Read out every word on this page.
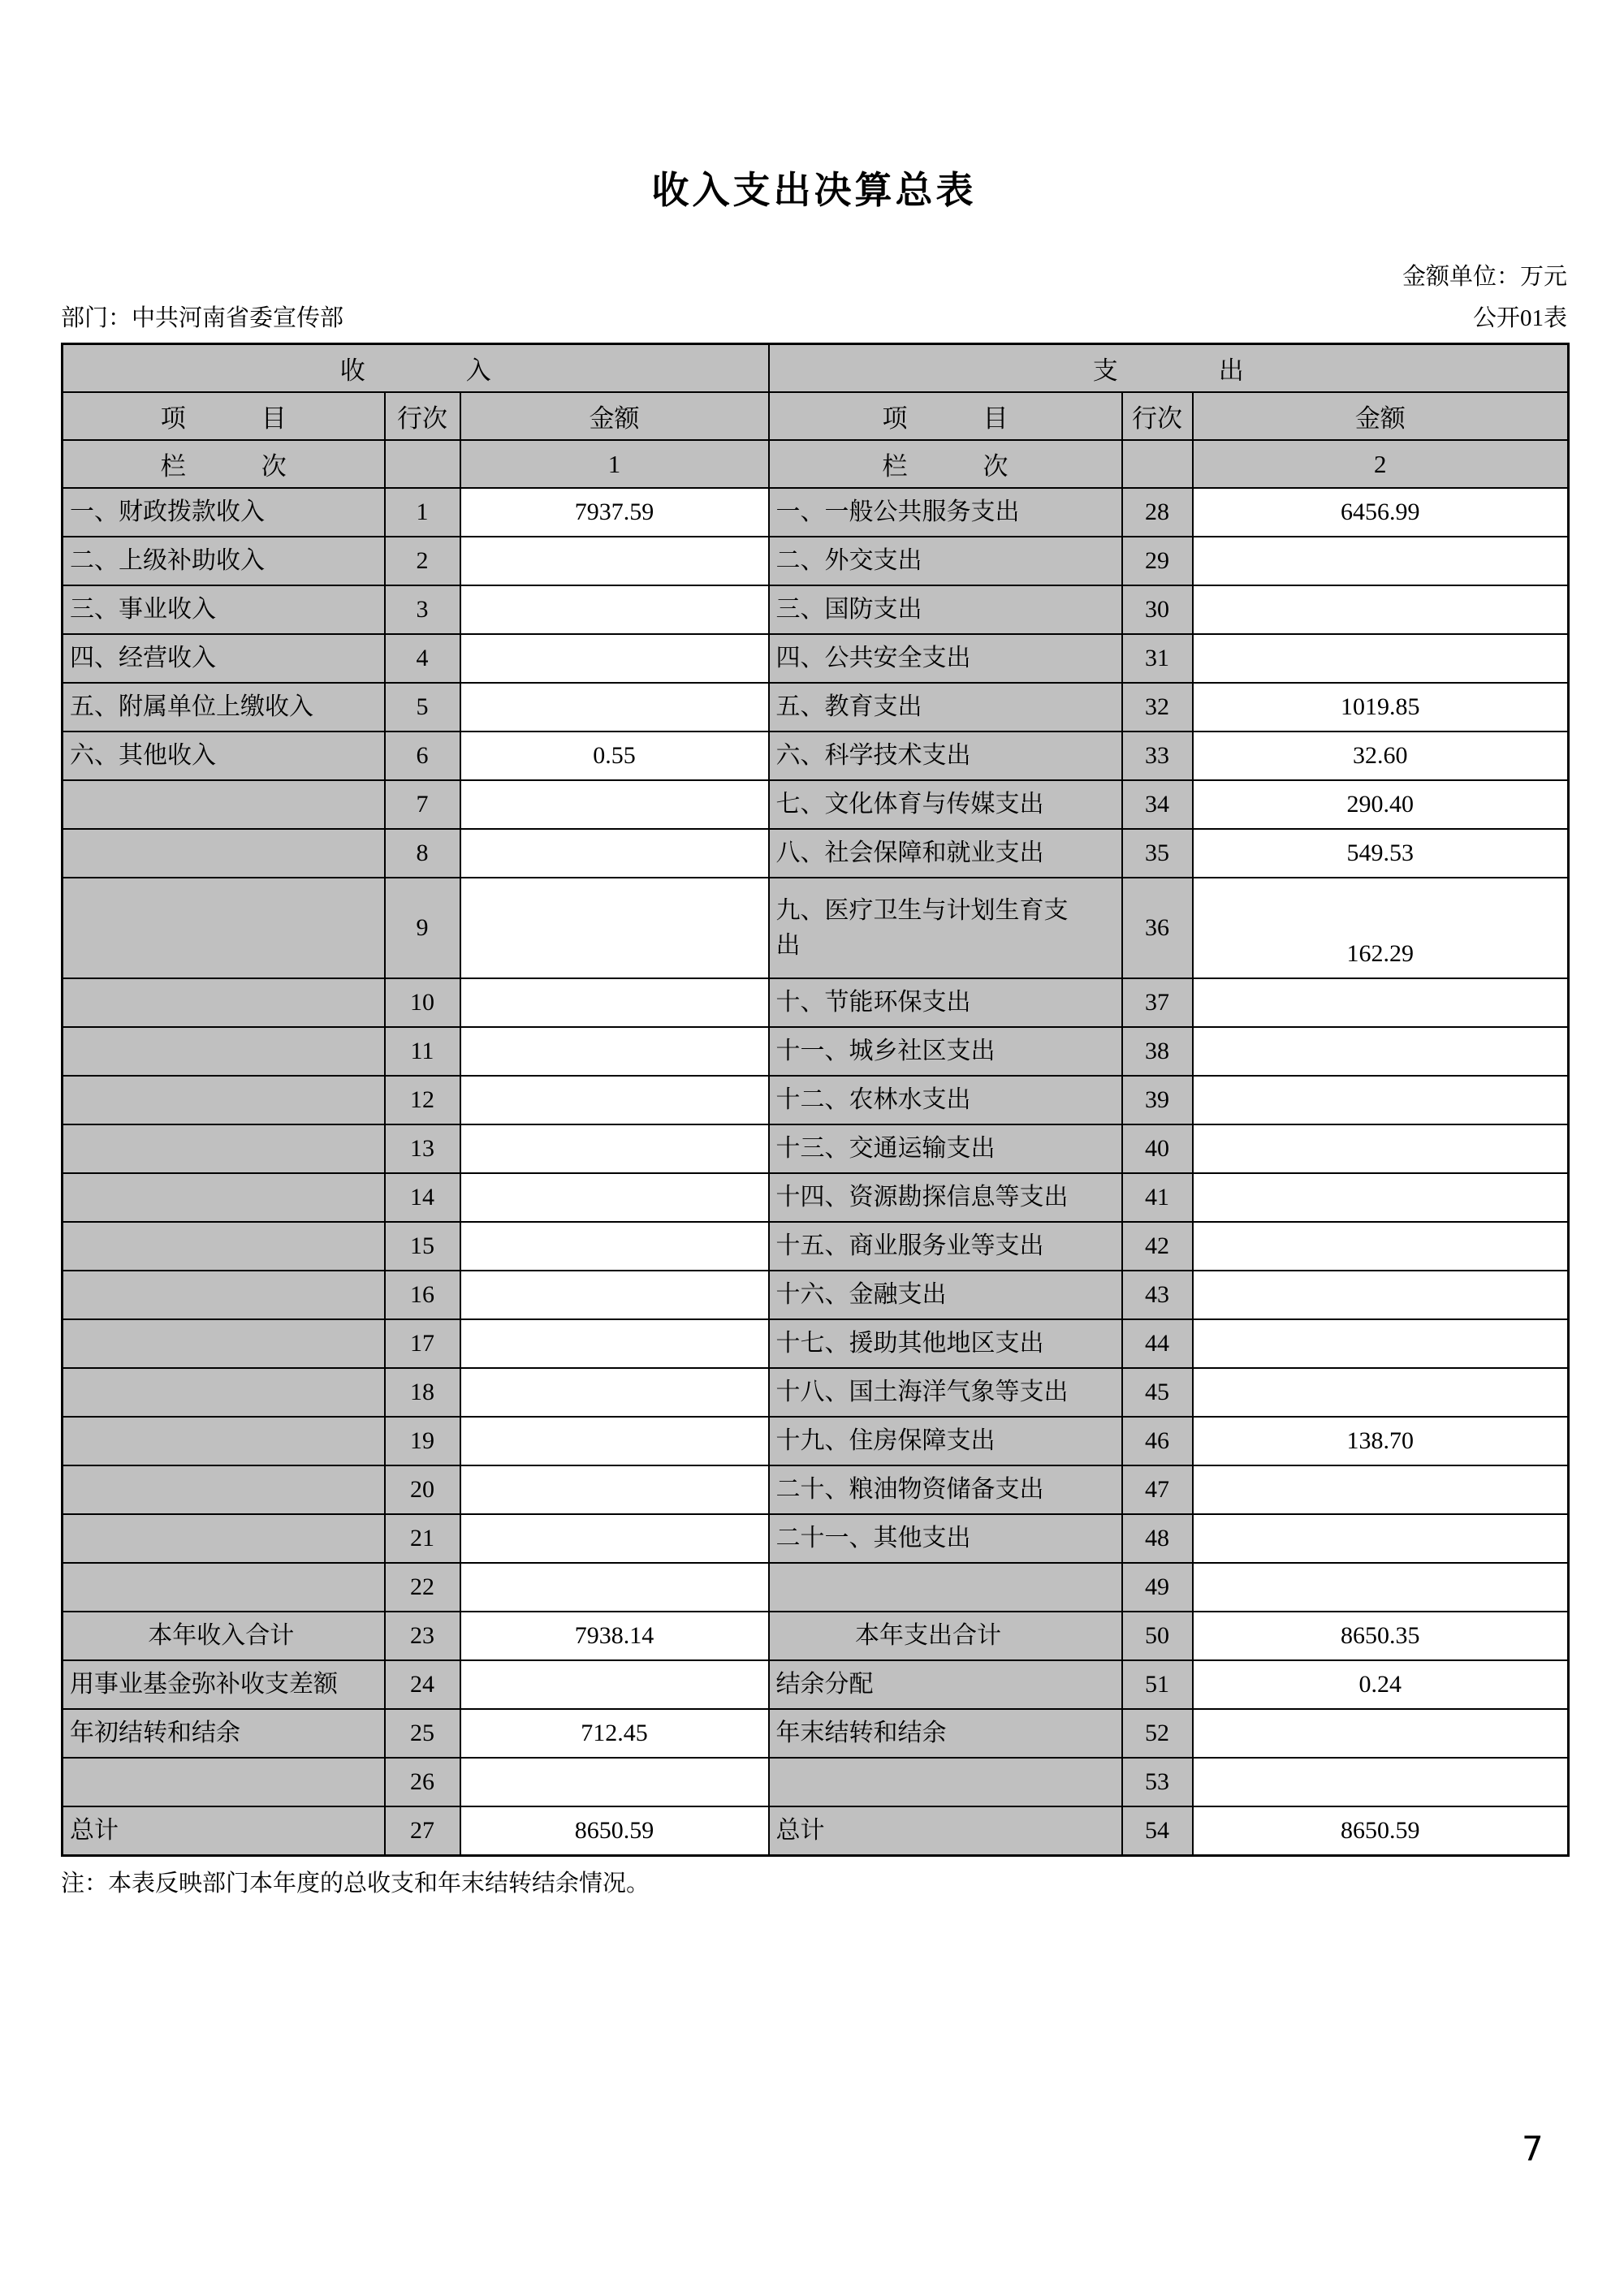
收入支出决算总表
金额单位：万元
部门：中共河南省委宣传部	公开01表
收　　　　入			支　　　　出		
项　　　目	行次	金额	项　　　目	行次	金额
栏　　　次		1	栏　　　次		2
一、财政拨款收入	1	7937.59	一、一般公共服务支出	28	6456.99
二、上级补助收入	2		二、外交支出	29	
三、事业收入	3		三、国防支出	30	
四、经营收入	4		四、公共安全支出	31	
五、附属单位上缴收入	5		五、教育支出	32	1019.85
六、其他收入	6	0.55	六、科学技术支出	33	32.60
	7		七、文化体育与传媒支出	34	290.40
	8		八、社会保障和就业支出	35	549.53
	9		九、医疗卫生与计划生育支出	36	162.29
	10		十、节能环保支出	37	
	11		十一、城乡社区支出	38	
	12		十二、农林水支出	39	
	13		十三、交通运输支出	40	
	14		十四、资源勘探信息等支出	41	
	15		十五、商业服务业等支出	42	
	16		十六、金融支出	43	
	17		十七、援助其他地区支出	44	
	18		十八、国土海洋气象等支出	45	
	19		十九、住房保障支出	46	138.70
	20		二十、粮油物资储备支出	47	
	21		二十一、其他支出	48	
	22			49	
本年收入合计	23	7938.14	本年支出合计	50	8650.35
用事业基金弥补收支差额	24		结余分配	51	0.24
年初结转和结余	25	712.45	年末结转和结余	52	
	26			53	
总计	27	8650.59	总计	54	8650.59
注：本表反映部门本年度的总收支和年末结转结余情况。
7
